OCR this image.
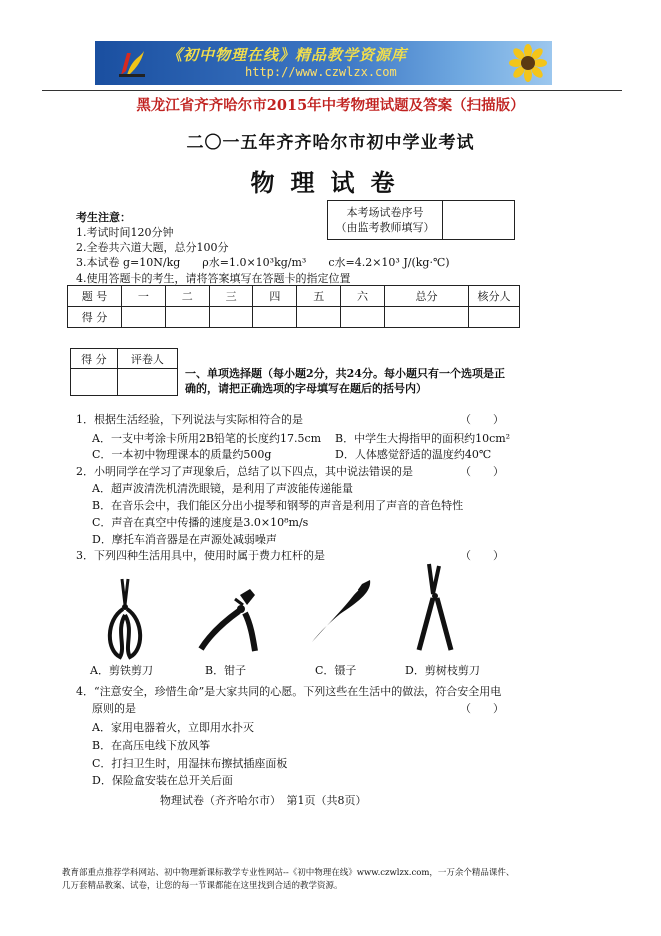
《初中物理在线》精品教学资源库
http://www.czwlzx.com
黑龙江省齐齐哈尔市2015年中考物理试题及答案（扫描版）
二〇一五年齐齐哈尔市初中学业考试
物理试卷
考生注意：
1.考试时间120分钟
2.全卷共六道大题，总分100分
3.本试卷 g=10N/kg　　ρ水=1.0×10³kg/m³　　c水=4.2×10³ J/(kg·℃)
4.使用答题卡的考生，请将答案填写在答题卡的指定位置
本考场试卷序号
（由监考教师填写）

题 号	一	二	三	四	五	六	总分	核分人
得 分								
得 分	评卷人

一、单项选择题（每小题2分，共24分。每小题只有一个选项是正
确的，请把正确选项的字母填写在题后的括号内）
1．根据生活经验，下列说法与实际相符合的是	（　　）
A．一支中考涂卡所用2B铅笔的长度约17.5cm B．中学生大拇指甲的面积约10cm²
C．一本初中物理课本的质量约500g	D．人体感觉舒适的温度约40℃
2．小明同学在学习了声现象后，总结了以下四点，其中说法错误的是	（　　）
A．超声波清洗机清洗眼镜，是利用了声波能传递能量
B．在音乐会中，我们能区分出小提琴和钢琴的声音是利用了声音的音色特性
C．声音在真空中传播的速度是3.0×10⁸m/s
D．摩托车消音器是在声源处减弱噪声
3．下列四种生活用具中，使用时属于费力杠杆的是	（　　）
A．剪铁剪刀	B．钳子	C．镊子	D．剪树枝剪刀
4．“注意安全，珍惜生命”是大家共同的心愿。下列这些在生活中的做法，符合安全用电
原则的是	（　　）
A．家用电器着火，立即用水扑灭
B．在高压电线下放风筝
C．打扫卫生时，用湿抹布擦拭插座面板
D．保险盒安装在总开关后面
物理试卷（齐齐哈尔市）　第1页（共8页）
教育部重点推荐学科网站、初中物理新课标教学专业性网站--《初中物理在线》www.czwlzx.com，一万余个精品课件、
几万套精品教案、试卷，让您的每一节课都能在这里找到合适的教学资源。
